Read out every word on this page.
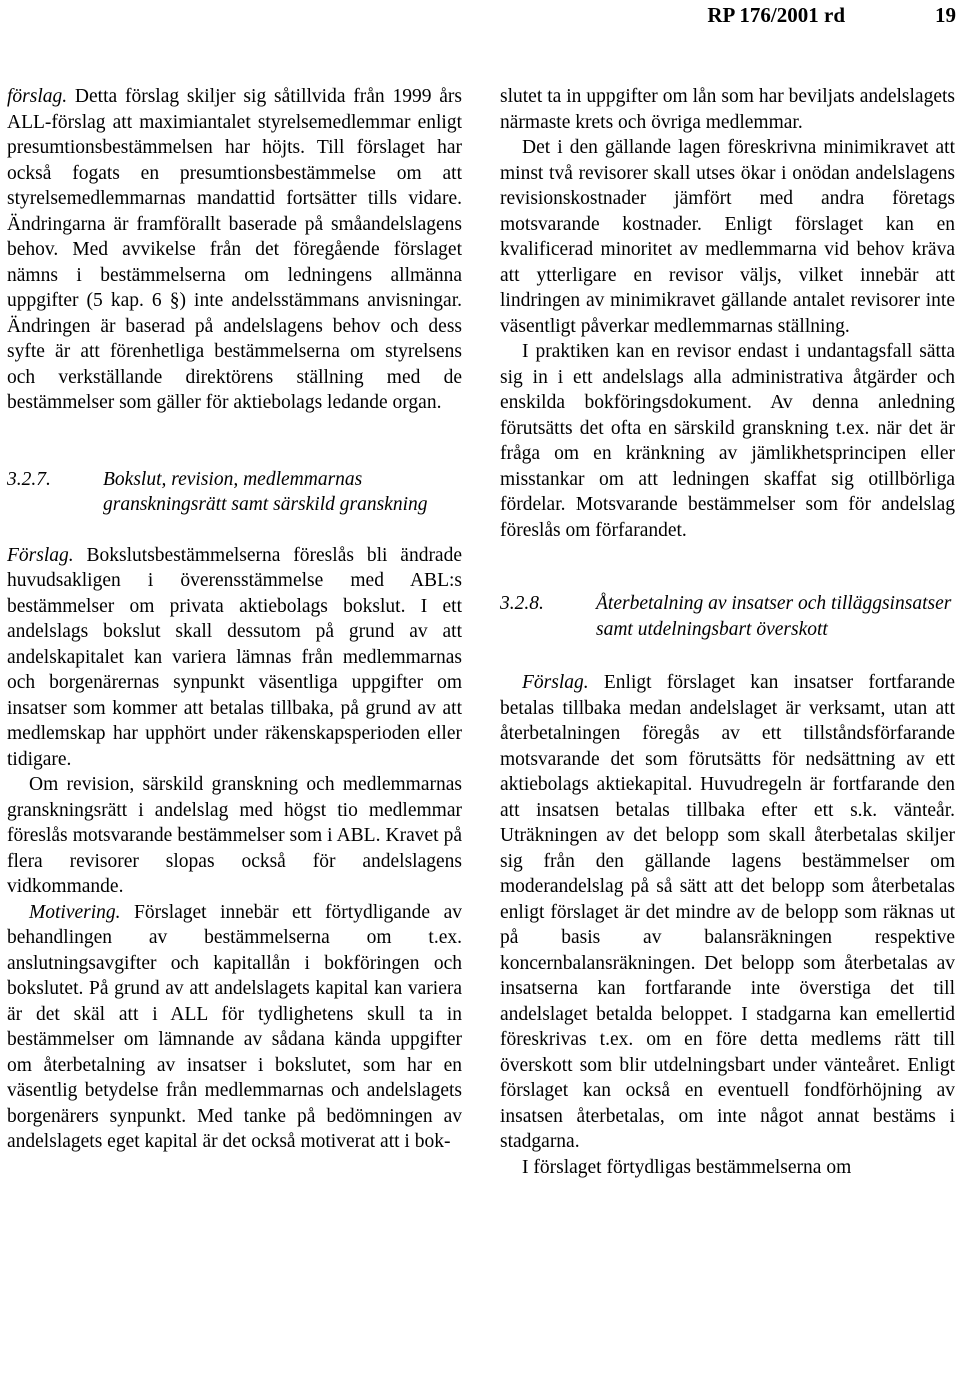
RP 176/2001 rd	19

förslag. Detta förslag skiljer sig såtillvida från 1999 års ALL-förslag att maximiantalet styrelsemedlemmar enligt presumtionsbestämmelsen har höjts. Till förslaget har också fogats en presumtionsbestämmelse om att styrelsemedlemmarnas mandattid fortsätter tills vidare. Ändringarna är framförallt baserade på småandelslagens behov. Med avvikelse från det föregående förslaget nämns i bestämmelserna om ledningens allmänna uppgifter (5 kap. 6 §) inte andelsstämmans anvisningar. Ändringen är baserad på andelslagens behov och dess syfte är att förenhetliga bestämmelserna om styrelsens och verkställande direktörens ställning med de bestämmelser som gäller för aktiebolags ledande organ.

3.2.7.	Bokslut, revision, medlemmarnas granskningsrätt samt särskild granskning

Förslag. Bokslutsbestämmelserna föreslås bli ändrade huvudsakligen i överensstämmelse med ABL:s bestämmelser om privata aktiebolags bokslut. I ett andelslags bokslut skall dessutom på grund av att andelskapitalet kan variera lämnas från medlemmarnas och borgenärernas synpunkt väsentliga uppgifter om insatser som kommer att betalas tillbaka, på grund av att medlemskap har upphört under räkenskapsperioden eller tidigare.

Om revision, särskild granskning och medlemmarnas granskningsrätt i andelslag med högst tio medlemmar föreslås motsvarande bestämmelser som i ABL. Kravet på flera revisorer slopas också för andelslagens vidkommande.

Motivering. Förslaget innebär ett förtydligande av behandlingen av bestämmelserna om t.ex. anslutningsavgifter och kapitallån i bokföringen och bokslutet. På grund av att andelslagets kapital kan variera är det skäl att i ALL för tydlighetens skull ta in bestämmelser om lämnande av sådana kända uppgifter om återbetalning av insatser i bokslutet, som har en väsentlig betydelse från medlemmarnas och andelslagets borgenärers synpunkt. Med tanke på bedömningen av andelslagets eget kapital är det också motiverat att i bok-

slutet ta in uppgifter om lån som har beviljats andelslagets närmaste krets och övriga medlemmar.

Det i den gällande lagen föreskrivna minimikravet att minst två revisorer skall utses ökar i onödan andelslagens revisionskostnader jämfört med andra företags motsvarande kostnader. Enligt förslaget kan en kvalificerad minoritet av medlemmarna vid behov kräva att ytterligare en revisor väljs, vilket innebär att lindringen av minimikravet gällande antalet revisorer inte väsentligt påverkar medlemmarnas ställning.

I praktiken kan en revisor endast i undantagsfall sätta sig in i ett andelslags alla administrativa åtgärder och enskilda bokföringsdokument. Av denna anledning förutsätts det ofta en särskild granskning t.ex. när det är fråga om en kränkning av jämlikhetsprincipen eller misstankar om att ledningen skaffat sig otillbörliga fördelar. Motsvarande bestämmelser som för andelslag föreslås om förfarandet.

3.2.8.	Återbetalning av insatser och tilläggsinsatser samt utdelningsbart överskott

Förslag. Enligt förslaget kan insatser fortfarande betalas tillbaka medan andelslaget är verksamt, utan att återbetalningen föregås av ett tillståndsförfarande motsvarande det som förutsätts för nedsättning av ett aktiebolags aktiekapital. Huvudregeln är fortfarande den att insatsen betalas tillbaka efter ett s.k. vänteår. Uträkningen av det belopp som skall återbetalas skiljer sig från den gällande lagens bestämmelser om moderandelslag på så sätt att det belopp som återbetalas enligt förslaget är det mindre av de belopp som räknas ut på basis av balansräkningen respektive koncernbalansräkningen. Det belopp som återbetalas av insatserna kan fortfarande inte överstiga det till andelslaget betalda beloppet. I stadgarna kan emellertid föreskrivas t.ex. om en före detta medlems rätt till överskott som blir utdelningsbart under vänteåret. Enligt förslaget kan också en eventuell fondförhöjning av insatsen återbetalas, om inte något annat bestäms i stadgarna.

I förslaget förtydligas bestämmelserna om
